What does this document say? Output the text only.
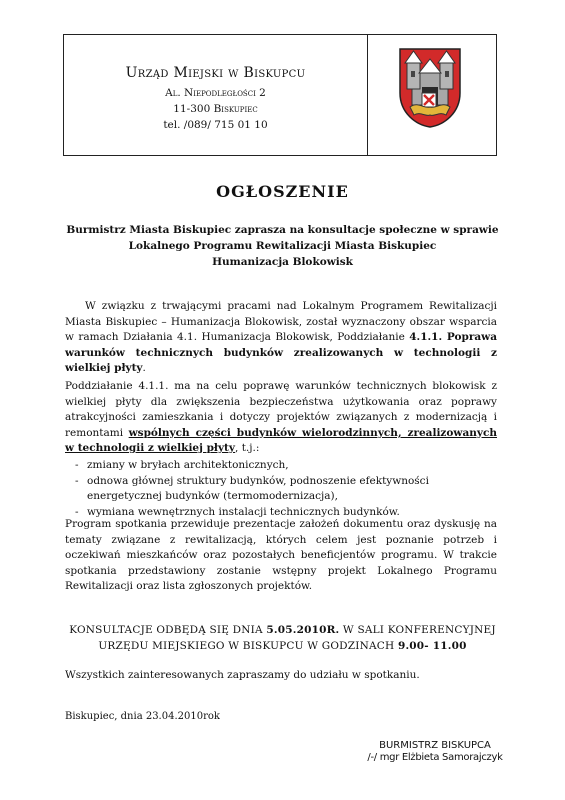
Urząd Miejski w Biskupcu
Al. Niepodległości 2
11-300 Biskupiec
tel. /089/ 715 01 10
OGŁOSZENIE
Burmistrz Miasta Biskupiec zaprasza na konsultacje społeczne w sprawie
Lokalnego Programu Rewitalizacji Miasta Biskupiec
Humanizacja Blokowisk
W związku z trwającymi pracami nad Lokalnym Programem Rewitalizacji Miasta Biskupiec – Humanizacja Blokowisk, został wyznaczony obszar wsparcia w ramach Działania 4.1. Humanizacja Blokowisk, Poddziałanie 4.1.1. Poprawa warunków technicznych budynków zrealizowanych w technologii z wielkiej płyty.
Poddziałanie 4.1.1. ma na celu poprawę warunków technicznych blokowisk z wielkiej płyty dla zwiększenia bezpieczeństwa użytkowania oraz poprawy atrakcyjności zamieszkania i dotyczy projektów związanych z modernizacją i remontami wspólnych części budynków wielorodzinnych, zrealizowanych w technologii z wielkiej płyty, t.j.:
- zmiany w bryłach architektonicznych,
- odnowa głównej struktury budynków, podnoszenie efektywności energetycznej budynków (termomodernizacja),
- wymiana wewnętrznych instalacji technicznych budynków.
Program spotkania przewiduje prezentacje założeń dokumentu oraz dyskusję na tematy związane z rewitalizacją, których celem jest poznanie potrzeb i oczekiwań mieszkańców oraz pozostałych beneficjentów programu. W trakcie spotkania przedstawiony zostanie wstępny projekt Lokalnego Programu Rewitalizacji oraz lista zgłoszonych projektów.
KONSULTACJE ODBĘDĄ SIĘ DNIA 5.05.2010R. W SALI KONFERENCYJNEJ
URZĘDU MIEJSKIEGO W BISKUPCU W GODZINACH 9.00- 11.00
Wszystkich zainteresowanych zapraszamy do udziału w spotkaniu.
Biskupiec, dnia 23.04.2010rok
BURMISTRZ BISKUPCA
/-/ mgr Elżbieta Samorajczyk
